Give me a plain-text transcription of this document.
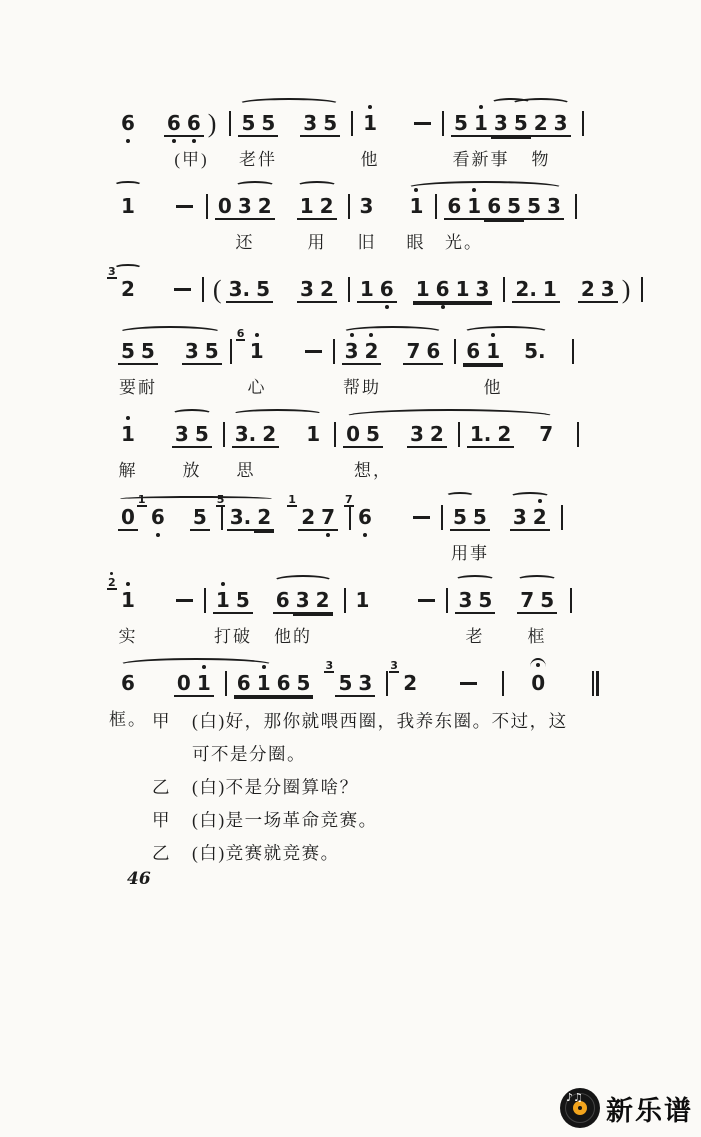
6 6 6 ) 5 5 3 5 1	5 1 3 5 2 3
(甲) 老伴	他	看新事 物
1	0 3 2 1 2 3 1 6 1 6 5 5 3
还	用 旧 眼 光。
3
2	( 3. 5 3 2 1 6 1 6 1 3 2. 1 2 3 )
5 5 3 5
6
1	3 2 7 6 6 1 5.
要耐	心	帮助	他
1 3 5 3. 2 1 0 5 3 2 1. 2 7
解	放 思	想，
0
1
6 5
5
3. 2
1
2 7
7
6	5 5 3 2
用事
2
1	1 5 6 3 2 1	3 5 7 5
实	打破 他的	老	框
6 0 1 6 1 6 5
3
5 3
3
2	0
框。 甲	(白)好，那你就喂西圈，我养东圈。不过，这
可不是分圈。
乙	(白)不是分圈算啥？
甲	(白)是一场革命竞赛。
乙	(白)竞赛就竞赛。
46
♪♫
新乐谱
